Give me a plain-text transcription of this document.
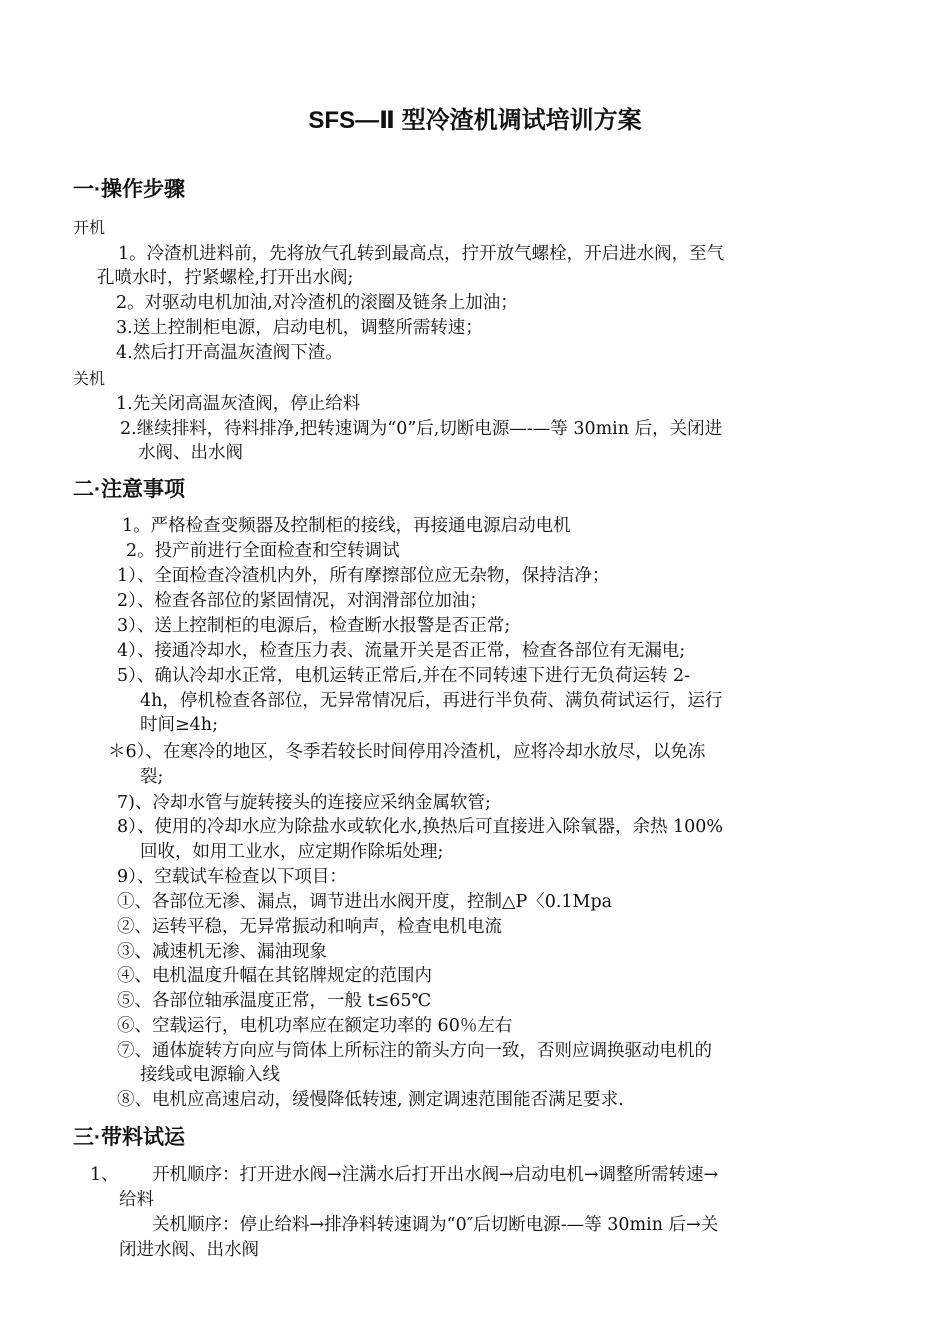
SFS—Ⅱ 型冷渣机调试培训方案
一·操作步骤
开机
1。冷渣机进料前，先将放气孔转到最高点，拧开放气螺栓，开启进水阀，至气
孔喷水时，拧紧螺栓,打开出水阀;
2。对驱动电机加油,对冷渣机的滚圈及链条上加油；
3.送上控制柜电源，启动电机，调整所需转速；
4.然后打开高温灰渣阀下渣。
关机
1.先关闭高温灰渣阀，停止给料
2.继续排料，待料排净,把转速调为“0”后,切断电源—-—等 30min 后，关闭进
水阀、出水阀
二·注意事项
1。严格检查变频器及控制柜的接线，再接通电源启动电机
2。投产前进行全面检查和空转调试
1）、全面检查冷渣机内外，所有摩擦部位应无杂物，保持洁净；
2）、检查各部位的紧固情况，对润滑部位加油；
3）、送上控制柜的电源后，检查断水报警是否正常;
4）、接通冷却水，检查压力表、流量开关是否正常，检查各部位有无漏电;
5）、确认冷却水正常，电机运转正常后,并在不同转速下进行无负荷运转 2-
4h，停机检查各部位，无异常情况后，再进行半负荷、满负荷试运行，运行
时间≥4h;
＊6）、在寒冷的地区，冬季若较长时间停用冷渣机，应将冷却水放尽，以免冻
裂;
7)、冷却水管与旋转接头的连接应采纳金属软管;
8）、使用的冷却水应为除盐水或软化水,换热后可直接进入除氧器，余热 100%
回收，如用工业水，应定期作除垢处理;
9）、空载试车检查以下项目：
①、各部位无渗、漏点，调节进出水阀开度，控制△P〈0.1Mpa
②、运转平稳，无异常振动和响声，检查电机电流
③、减速机无渗、漏油现象
④、电机温度升幅在其铭牌规定的范围内
⑤、各部位轴承温度正常，一般 t≤65℃
⑥、空载运行，电机功率应在额定功率的 60％左右
⑦、通体旋转方向应与筒体上所标注的箭头方向一致，否则应调换驱动电机的
接线或电源输入线
⑧、电机应高速启动，缓慢降低转速, 测定调速范围能否满足要求.
三·带料试运
1、 开机顺序：打开进水阀→注满水后打开出水阀→启动电机→调整所需转速→
给料
关机顺序：停止给料→排净料转速调为“0″后切断电源-—等 30min 后→关
闭进水阀、出水阀
